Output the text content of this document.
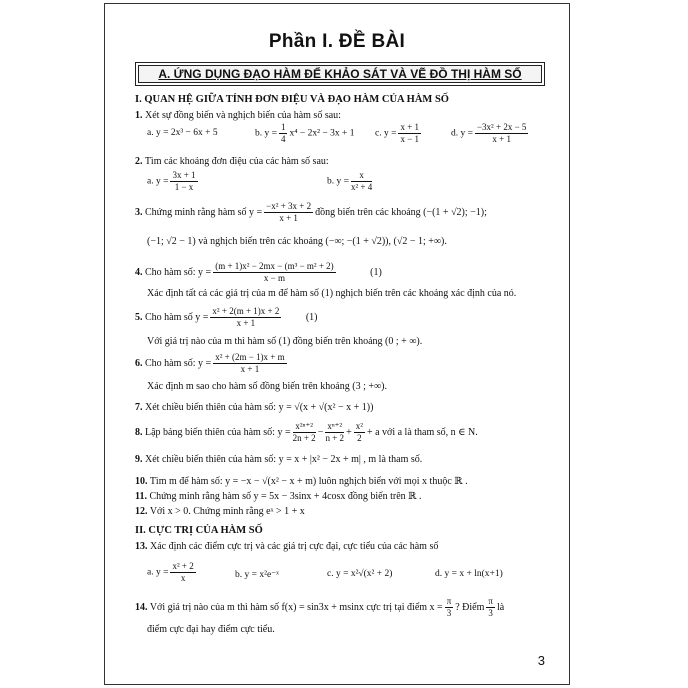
Phần I. ĐỀ BÀI
A. ỨNG DỤNG ĐẠO HÀM ĐỂ KHẢO SÁT VÀ VẼ ĐỒ THỊ HÀM SỐ
I. QUAN HỆ GIỮA TÍNH ĐƠN ĐIỆU VÀ ĐẠO HÀM CỦA HÀM SỐ
1. Xét sự đồng biến và nghịch biến của hàm số sau:
a. y = 2x³ − 6x + 5	b. $y = \frac{1}{4} x^4 - 2x^2 - 3x + 1$ c. $y = \frac{x + 1}{x - 1}$	d. $y = \frac{\text{−3x² + 2x − 5}}{x + 1}$
2. Tìm các khoảng đơn điệu của các hàm số sau:
a. $y = \frac{3x + 1}{1 - x}$	b. $y = \frac{x}{\text{x² + 4}}$
3. Chứng minh rằng hàm số $y = \frac{\text{−x² + 3x + 2}}{x + 1}$ đồng biến trên các khoảng (−(1 + √2); −1);
(−1; √2 − 1) và nghịch biến trên các khoảng (−∞; −(1 + √2)), (√2 − 1; +∞).
4. Cho hàm số: $y = \frac{\text{(m + 1)x² − 2mx − (m³ − m² + 2)}}{x - m}$	(1)
Xác định tất cả các giá trị của m để hàm số (1) nghịch biến trên các khoảng xác định của nó.
5. Cho hàm số $y = \frac{\text{x² + 2(m + 1)x + 2}}{x + 1} (1)$
Với giá trị nào của m thì hàm số (1) đồng biến trên khoảng (0 ; + ∞).
6. Cho hàm số: $y = \frac{\text{x² + (2m − 1)x + m}}{x + 1}$
Xác định m sao cho hàm số đồng biến trên khoảng (3 ; +∞).
7. Xét chiều biến thiên của hàm số: y = √(x + √(x² − x + 1))
8. Lập bảng biến thiên của hàm số: $y = \frac{\text{x²ⁿ⁺²}}{2n + 2} - \frac{\text{xⁿ⁺²}}{n + 2} + \frac{\text{x²}}{2} + a$ với a là tham số, n ∈ N.
9. Xét chiều biến thiên của hàm số: y = x + |x² − 2x + m| , m là tham số.
10. Tìm m để hàm số: y = −x − √(x² − x + m) luôn nghịch biến với mọi x thuộc ℝ .
11. Chứng minh rằng hàm số y = 5x − 3sinx + 4cosx đồng biến trên ℝ .
12. Với x > 0. Chứng minh rằng eˣ > 1 + x
II. CỰC TRỊ CỦA HÀM SỐ
13. Xác định các điểm cực trị và các giá trị cực đại, cực tiểu của các hàm số
a. $y = \frac{\text{x² + 2}}{x}$	b. y = x²e⁻ˣ	c. y = x²√(x² + 2)	d. y = x + ln(x+1)
14. Với giá trị nào của m thì hàm số f(x) = sin3x + msinx cực trị tại điểm $x = \frac{\pi}{3}$ ? Điểm $\frac{\pi}{3}$ là
điểm cực đại hay điểm cực tiểu.
3
